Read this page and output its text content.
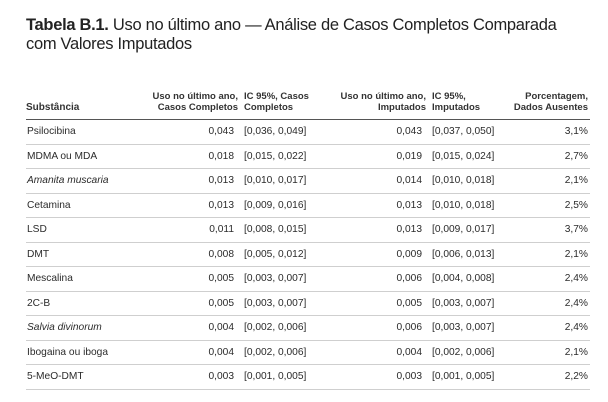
Tabela B.1. Uso no último ano — Análise de Casos Completos Comparada com Valores Imputados
Substância	Uso no último ano, Casos Completos	IC 95%, Casos Completos	Uso no último ano, Imputados	IC 95%, Imputados	Porcentagem, Dados Ausentes
Psilocibina	0,043	[0,036, 0,049]	0,043	[0,037, 0,050]	3,1%
MDMA ou MDA	0,018	[0,015, 0,022]	0,019	[0,015, 0,024]	2,7%
Amanita muscaria	0,013	[0,010, 0,017]	0,014	[0,010, 0,018]	2,1%
Cetamina	0,013	[0,009, 0,016]	0,013	[0,010, 0,018]	2,5%
LSD	0,011	[0,008, 0,015]	0,013	[0,009, 0,017]	3,7%
DMT	0,008	[0,005, 0,012]	0,009	[0,006, 0,013]	2,1%
Mescalina	0,005	[0,003, 0,007]	0,006	[0,004, 0,008]	2,4%
2C-B	0,005	[0,003, 0,007]	0,005	[0,003, 0,007]	2,4%
Salvia divinorum	0,004	[0,002, 0,006]	0,006	[0,003, 0,007]	2,4%
Ibogaina ou iboga	0,004	[0,002, 0,006]	0,004	[0,002, 0,006]	2,1%
5-MeO-DMT	0,003	[0,001, 0,005]	0,003	[0,001, 0,005]	2,2%
